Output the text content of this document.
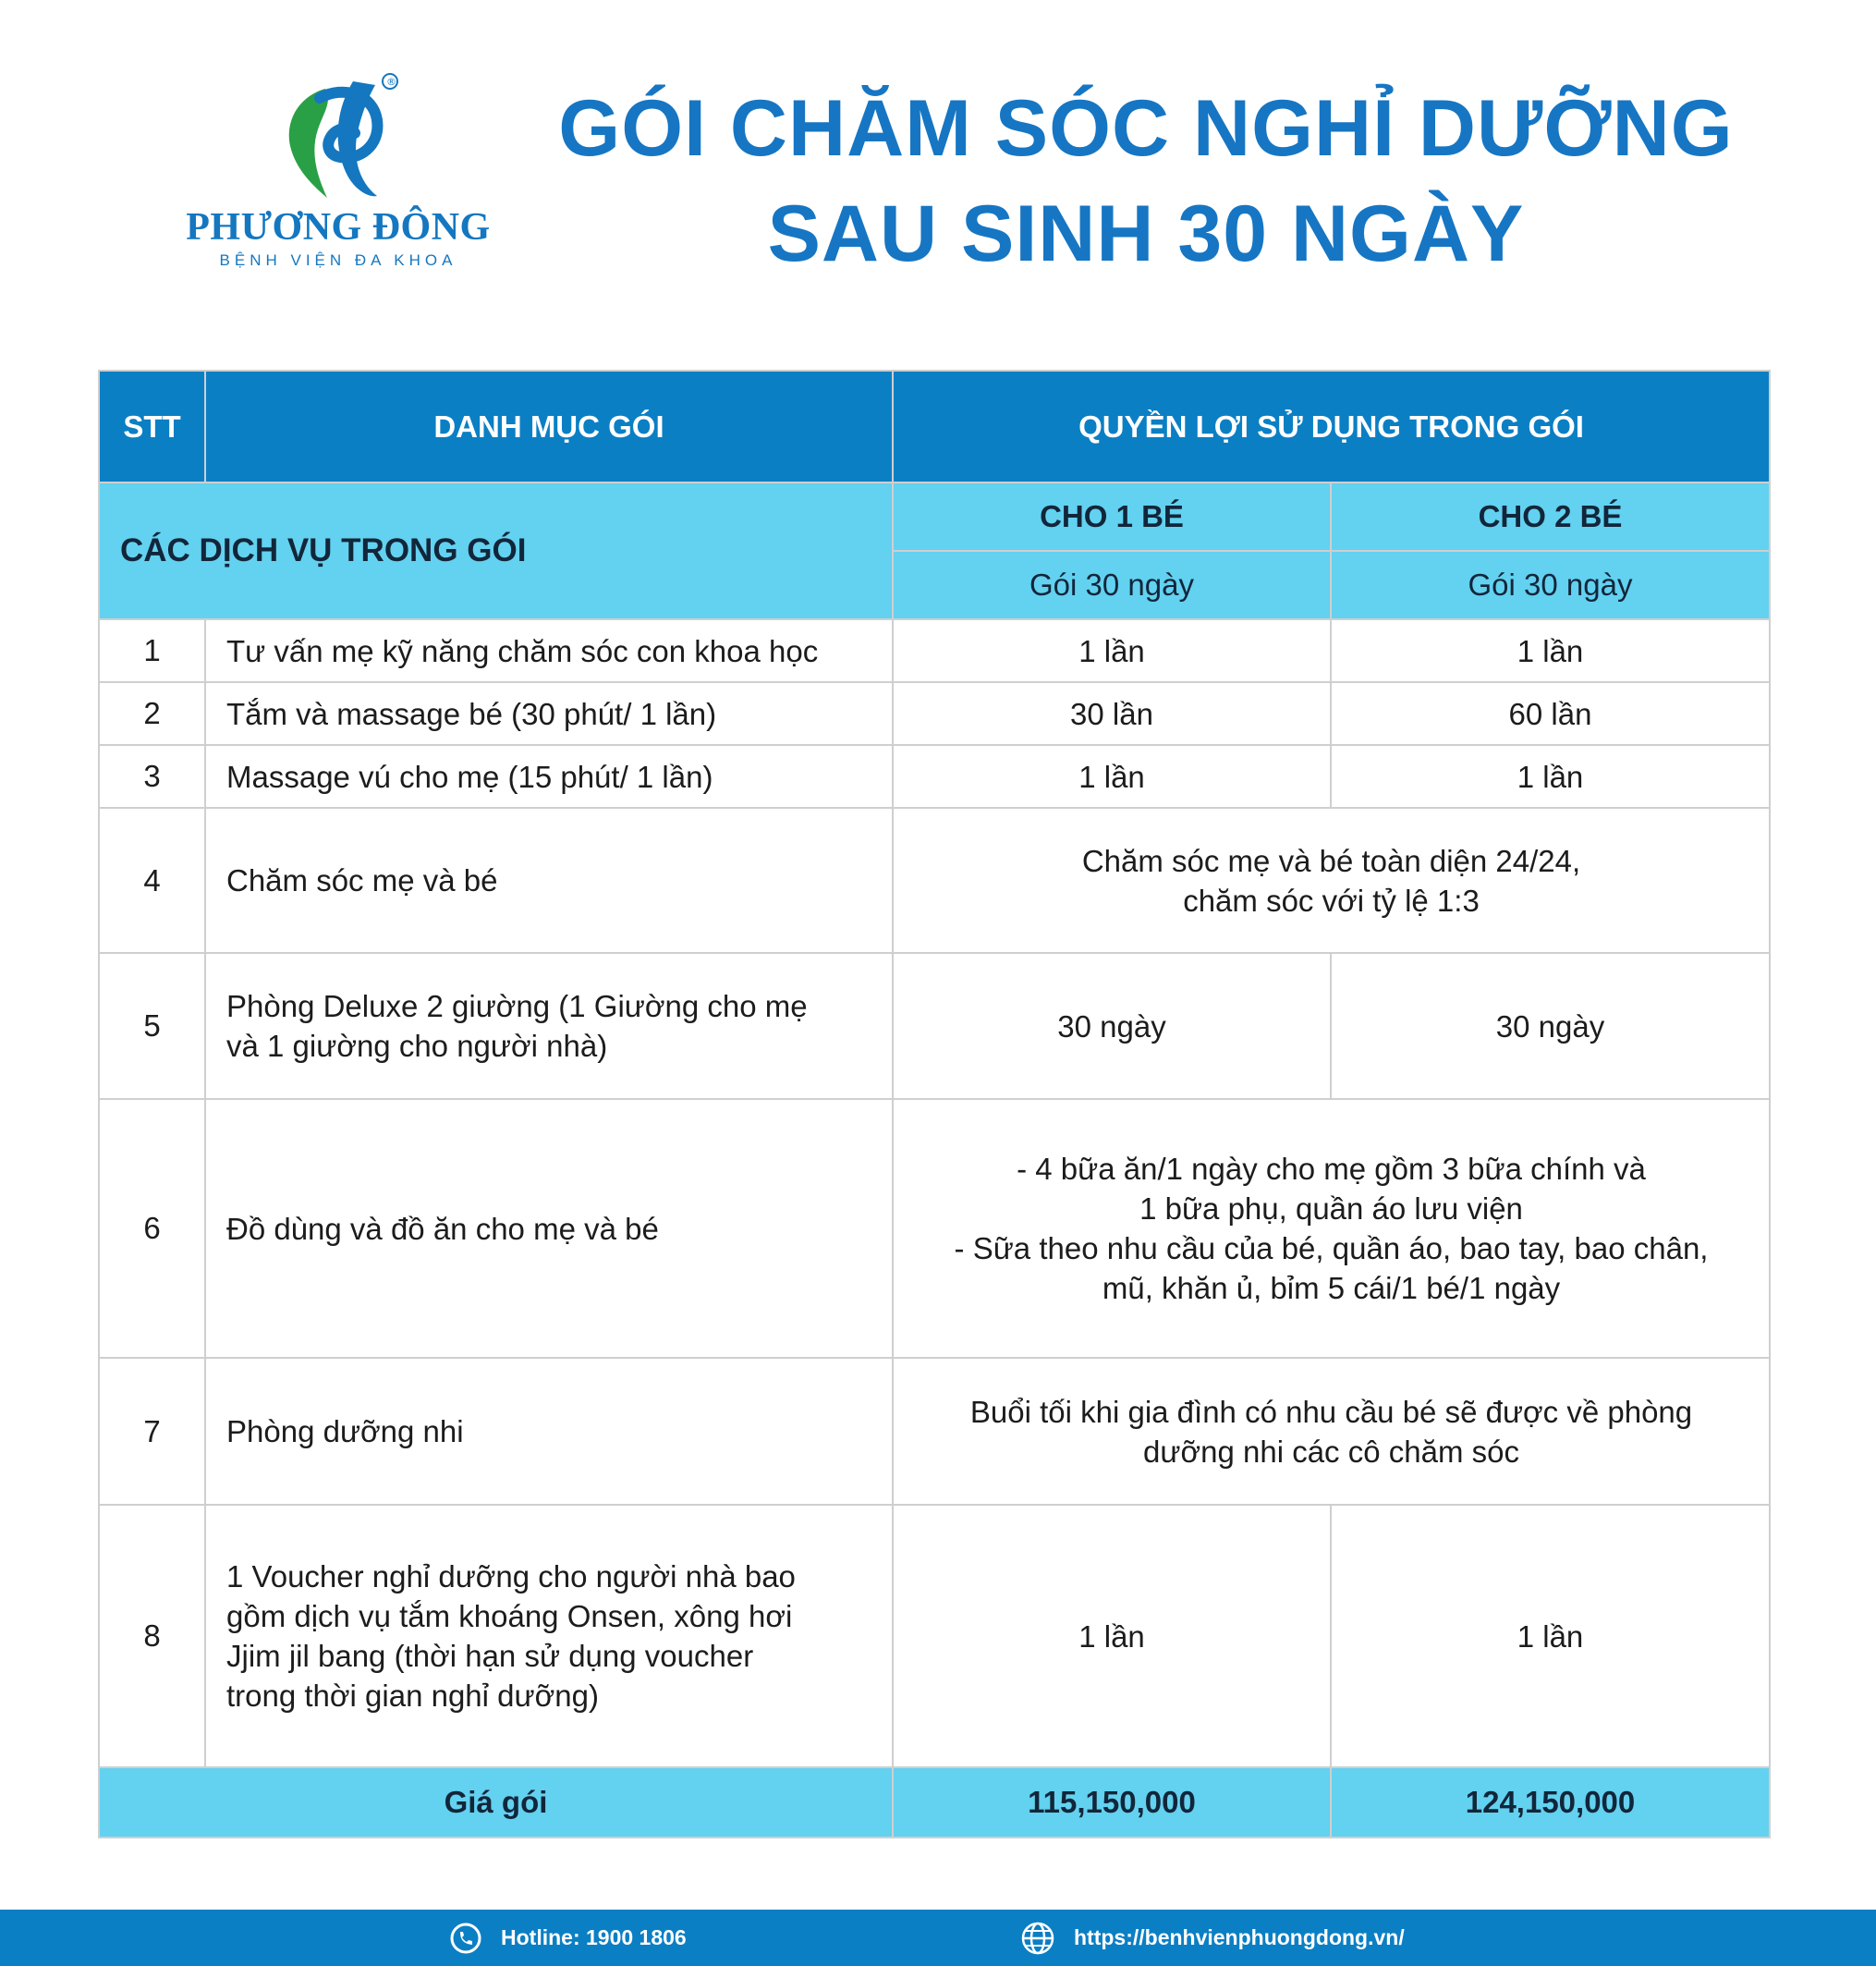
®
PHƯƠNG ĐÔNG
BỆNH VIỆN ĐA KHOA
GÓI CHĂM SÓC NGHỈ DƯỠNG
SAU SINH 30 NGÀY
STT	DANH MỤC GÓI	QUYỀN LỢI SỬ DỤNG TRONG GÓI	
CÁC DỊCH VỤ TRONG GÓI		CHO 1 BÉ	CHO 2 BÉ
		Gói 30 ngày	Gói 30 ngày
1	Tư vấn mẹ kỹ năng chăm sóc con khoa học	1 lần	1 lần
2	Tắm và massage bé (30 phút/ 1 lần)	30 lần	60 lần
3	Massage vú cho mẹ (15 phút/ 1 lần)	1 lần	1 lần
4	Chăm sóc mẹ và bé	Chăm sóc mẹ và bé toàn diện 24/24,
chăm sóc với tỷ lệ 1:3	

5	Phòng Deluxe 2 giường (1 Giường cho mẹ
và 1 giường cho người nhà)	30 ngày	30 ngày
6	Đồ dùng và đồ ăn cho mẹ và bé	- 4 bữa ăn/1 ngày cho mẹ gồm 3 bữa chính và
1 bữa phụ, quần áo lưu viện
- Sữa theo nhu cầu của bé, quần áo, bao tay, bao chân,
mũ, khăn ủ, bỉm 5 cái/1 bé/1 ngày	

7	Phòng dưỡng nhi	Buổi tối khi gia đình có nhu cầu bé sẽ được về phòng
dưỡng nhi các cô chăm sóc	

8	1 Voucher nghỉ dưỡng cho người nhà bao
gồm dịch vụ tắm khoáng Onsen, xông hơi
Jjim jil bang (thời hạn sử dụng voucher
trong thời gian nghỉ dưỡng)	1 lần	1 lần
Giá gói		115,150,000	124,150,000
Hotline: 1900 1806	https://benhvienphuongdong.vn/
